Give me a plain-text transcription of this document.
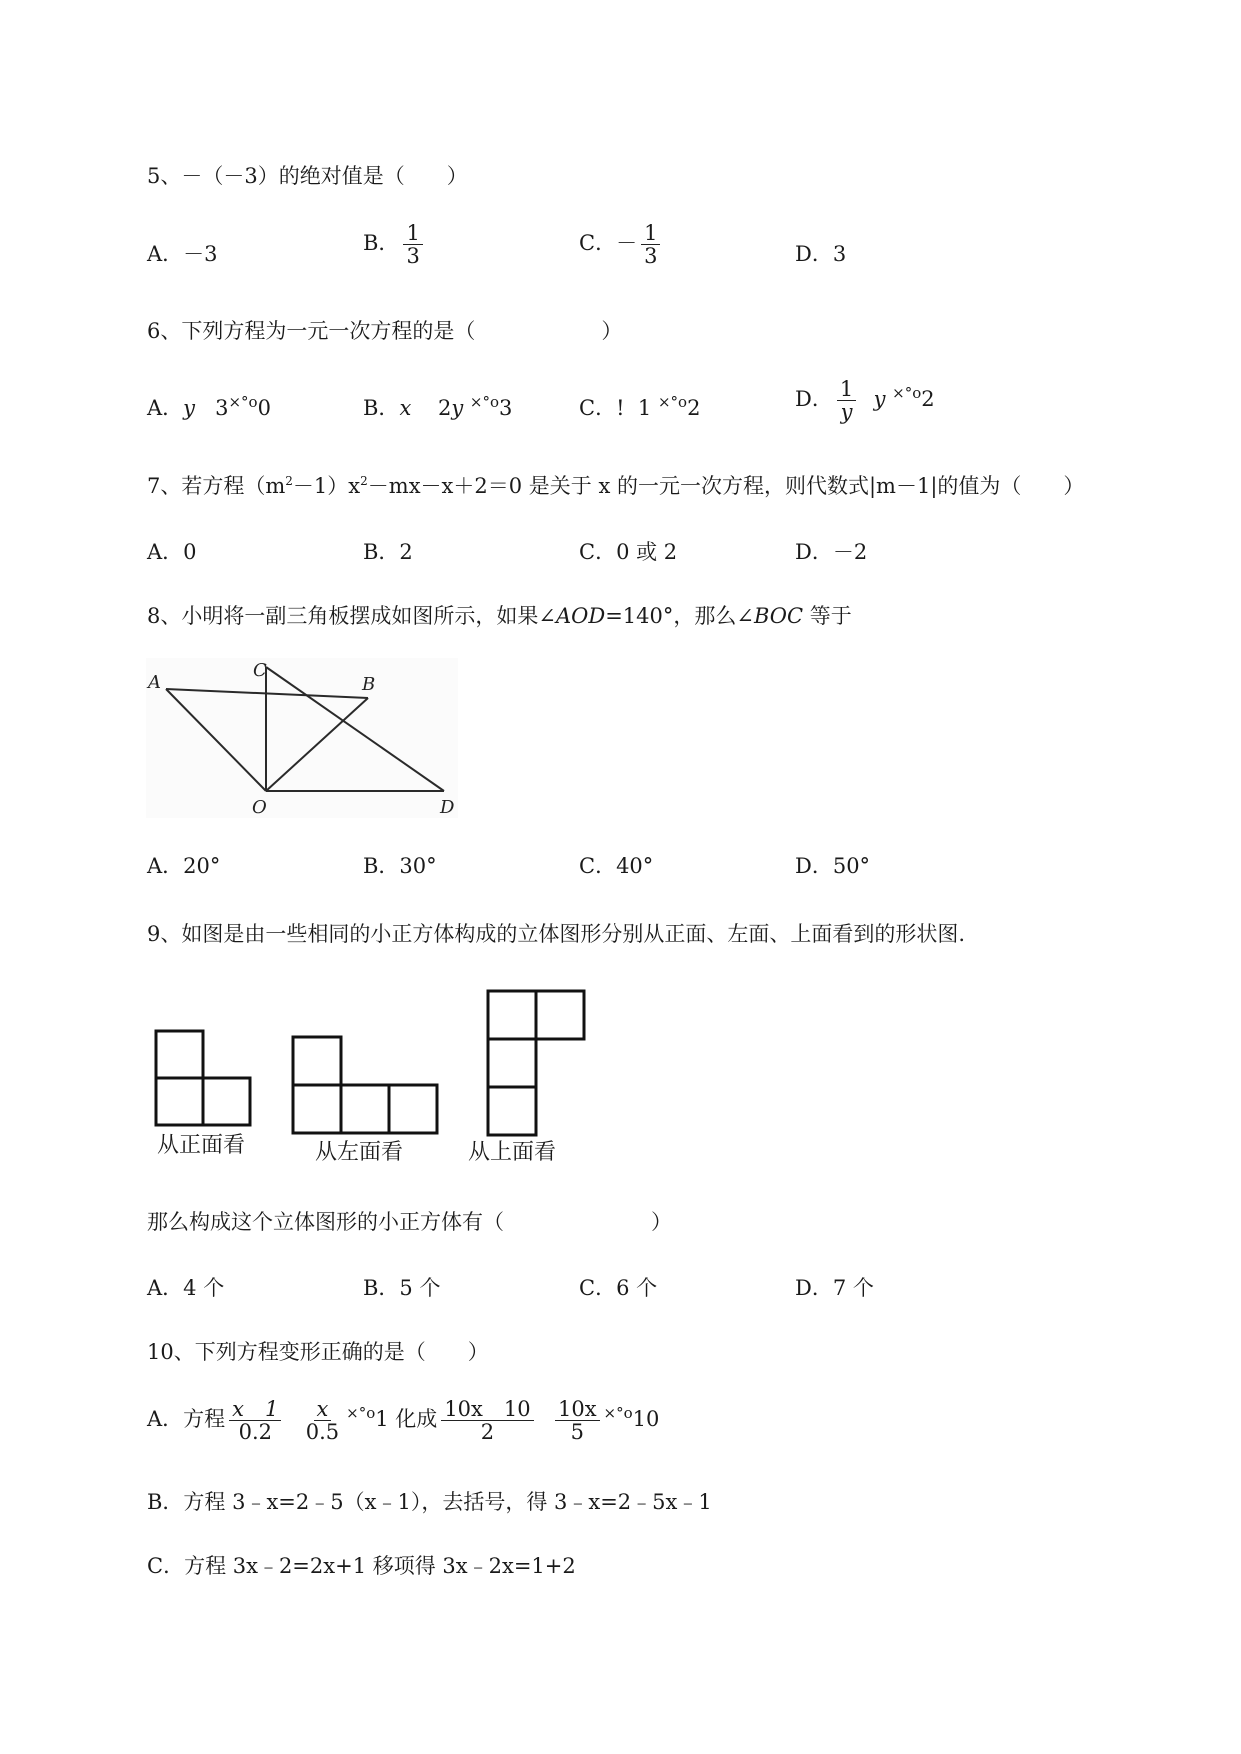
5、－（－3）的绝对值是（　　）
A．－3	B． $\frac{1}{3}$	C．－ $\frac{1}{3}$	D．3
6、下列方程为一元一次方程的是（　　　　　　）
A．y $3^{\times^\circ o}0$	B．x 2y $^{\times^\circ o}$3	C．! 1 $^{\times^\circ o}$2	D． $\frac{1}{y}$ y $^{\times^\circ o}$2
7、若方程$(m^2-1)x^2-mx-x+2=0$ 是关于 x 的一元一次方程，则代数式|m－1|的值为（　　）
A．0	B．2	C．0 或 2	D．－2
8、小明将一副三角板摆成如图所示，如果∠AOD=140°，那么∠BOC 等于
A
C
B
O	D
A．20°	B．30°	C．40°	D．50°
9、如图是由一些相同的小正方体构成的立体图形分别从正面、左面、上面看到的形状图.
从正面看	从左面看	从上面看
那么构成这个立体图形的小正方体有（　　　　　　　）
A．4 个	B．5 个	C．6 个	D．7 个
10、下列方程变形正确的是（　　）
A．方程 $\frac{x 1}{0.2}$
$\frac{x}{0.5} ^{\times^\circ o}1$ 化成 $\frac{10x 10}{2}$
$\frac{10x}{5} ^{\times^\circ o}10$
B．方程 3﹣x=2﹣5（x﹣1），去括号，得 3﹣x=2﹣5x﹣1
C．方程 3x﹣2=2x+1 移项得 3x﹣2x=1+2
